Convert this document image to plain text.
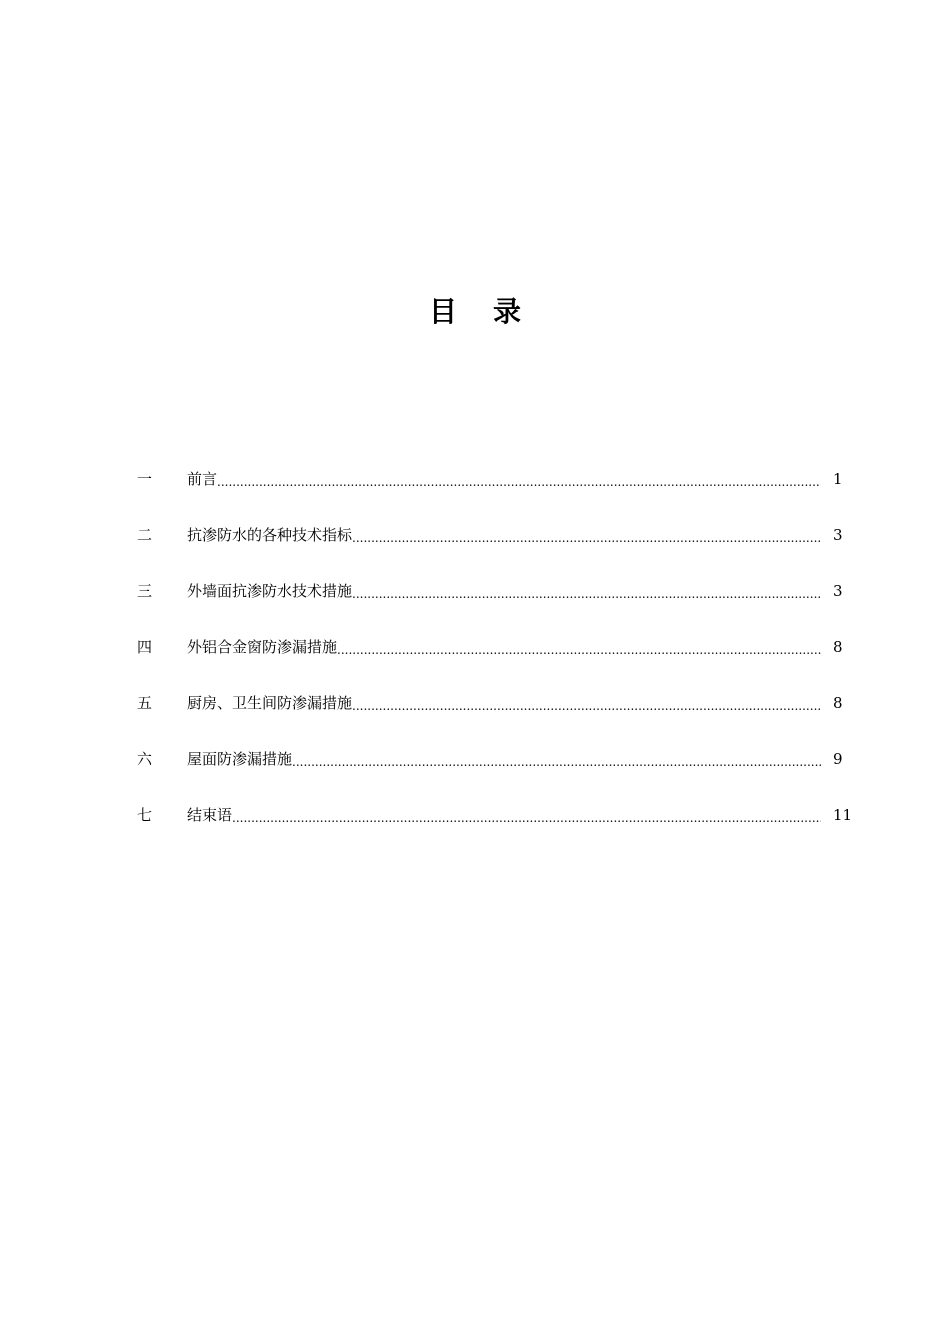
目录
一	前言 .....	1
二	抗渗防水的各种技术指标 .....	3
三	外墙面抗渗防水技术措施 .....	3
四	外铝合金窗防渗漏措施 .....	8
五	厨房、卫生间防渗漏措施 .....	8
六	屋面防渗漏措施 .....	9
七	结束语 .....	11
